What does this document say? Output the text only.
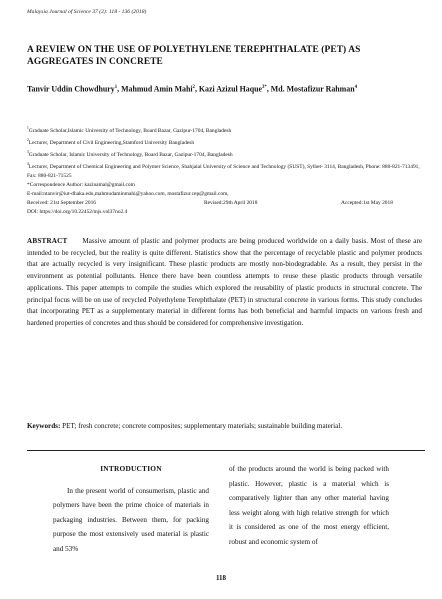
Malaysia Journal of Science 37 (2): 118 - 136 (2018)
A REVIEW ON THE USE OF POLYETHYLENE TEREPHTHALATE (PET) AS AGGREGATES IN CONCRETE
Tanvir Uddin Chowdhury$^1$, Mahmud Amin Mahi$^2$, Kazi Azizul Haque$^{3*}$, Md. Mostafizur Rahman$^4$

$^1$Graduate Scholar,Islamic University of Technology, Board Bazar, Gazipur-1704, Bangladesh

$^2$Lecturer, Department of Civil Engineering,Stamford University Bangladesh

$^3$Graduate Scholar, Islamic University of Technology, Board Bazar, Gazipur-1704, Bangladesh

$^4$Lecturer, Department of Chemical Engineering and Polymer Science, Shahjalal University of Science and Technology (SUST), Sylhet- 3114, Bangladesh, Phone: 880-821-713491, Fax: 880-821-71525

*Correspondence Author: kazinamal@gmail.com

E-mail:ntanvir@iut-dhaka.edu,mahmudaminmahi@yahoo.com, mostafizur.cep@gmail.com,

Received: 21st September 2016	Revised:29th April 2018	Accepted:1st May 2018

DOI: https://doi.org/10.22452/mjs.vol37no2.4

ABSTRACT Massive amount of plastic and polymer products are being produced worldwide on a daily basis. Most of these are intended to be recycled, but the reality is quite different. Statistics show that the percentage of recyclable plastic and polymer products that are actually recycled is very insignificant. These plastic products are mostly non-biodegradable. As a result, they persist in the environment as potential pollutants. Hence there have been countless attempts to reuse these plastic products through versatile applications. This paper attempts to compile the studies which explored the reusability of plastic products in structural concrete. The principal focus will be on use of recycled Polyethylene Terephthalate (PET) in structural concrete in various forms. This study concludes that incorporating PET as a supplementary material in different forms has both beneficial and harmful impacts on various fresh and hardened properties of concretes and thus should be considered for comprehensive investigation.
Keywords: PET; fresh concrete; concrete composites; supplementary materials; sustainable building material.
INTRODUCTION

In the present world of consumerism, plastic and polymers have been the prime choice of materials in packaging industries. Between them, for packing purpose the most extensively used material is plastic and 53%

of the products around the world is being packed with plastic. However, plastic is a material which is comparatively lighter than any other material having less weight along with high relative strength for which it is considered as one of the most energy efficient, robust and economic system of

118
